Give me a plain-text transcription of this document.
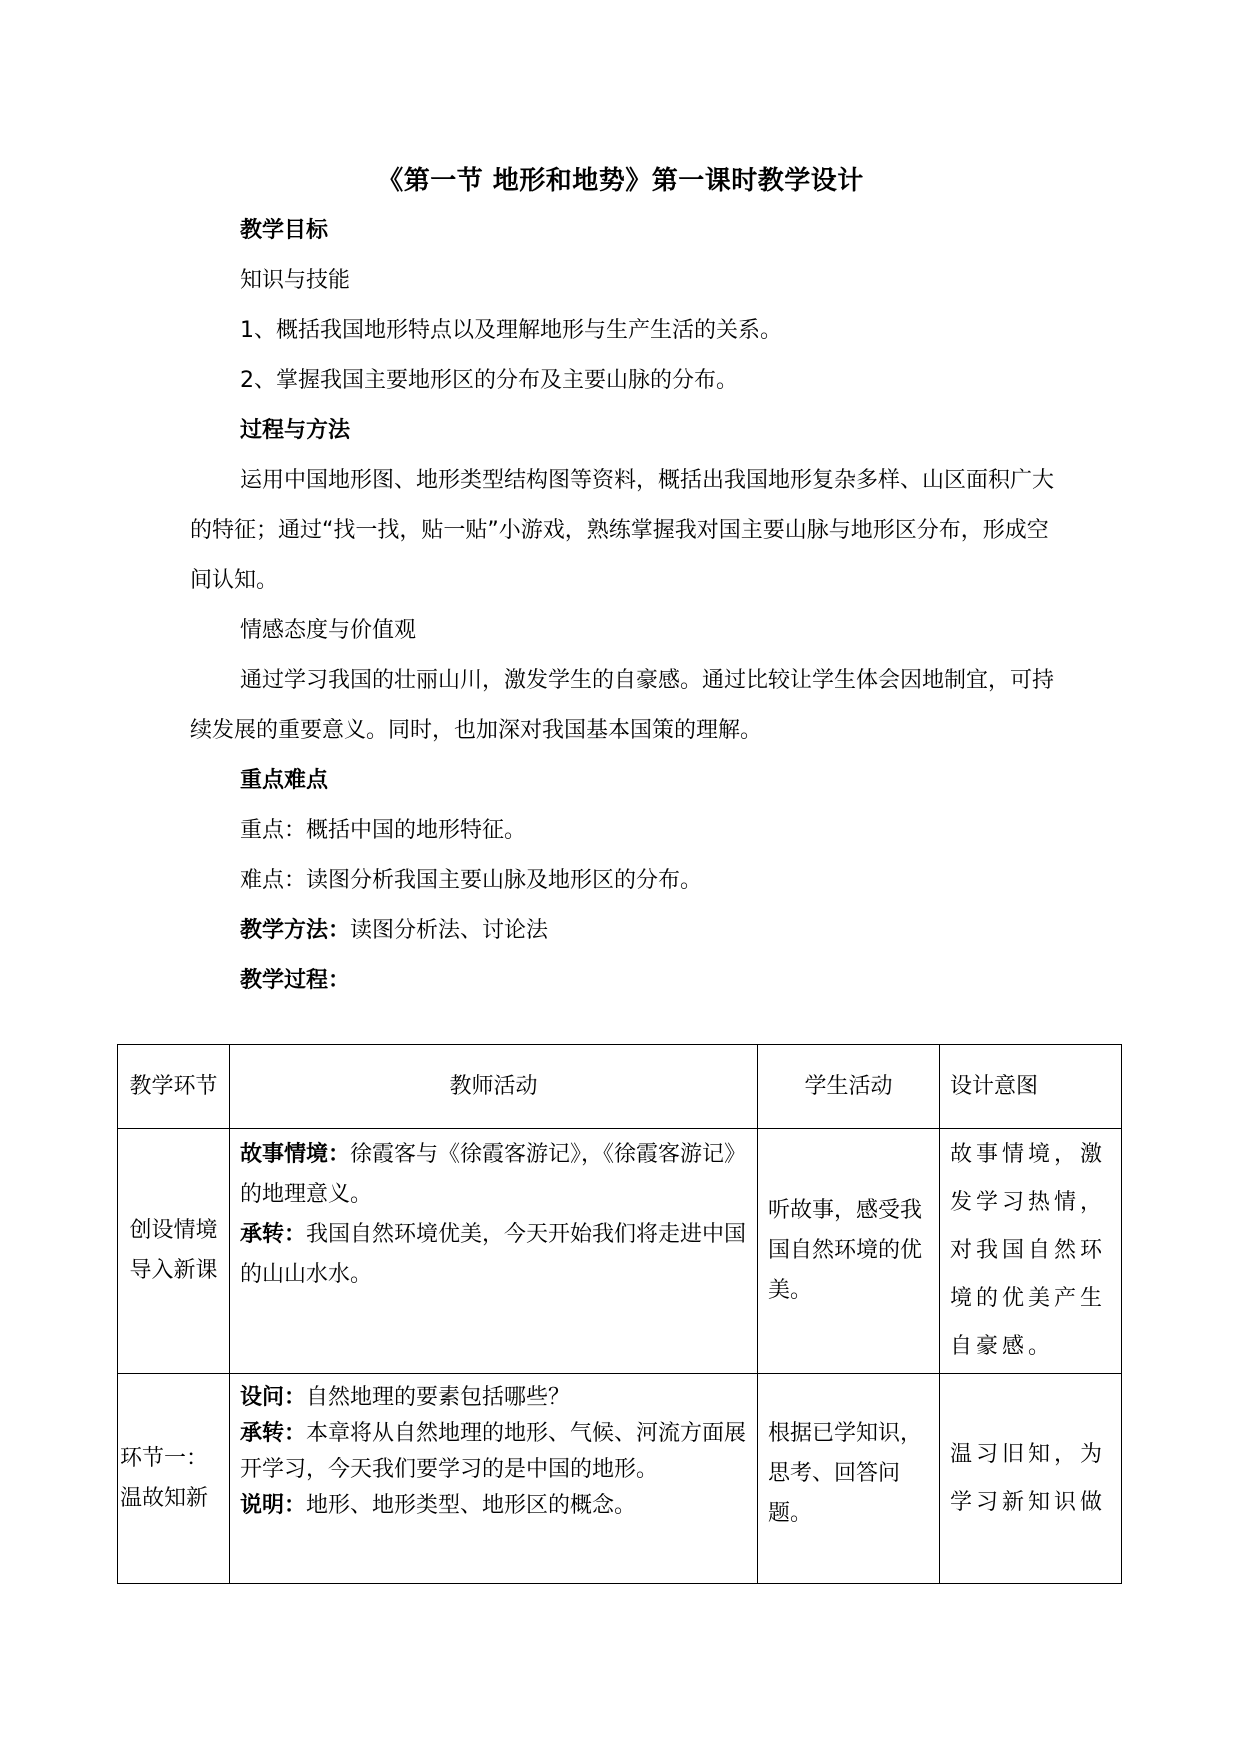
《第一节 地形和地势》第一课时教学设计
教学目标
知识与技能
1、概括我国地形特点以及理解地形与生产生活的关系。
2、掌握我国主要地形区的分布及主要山脉的分布。
过程与方法
运用中国地形图、地形类型结构图等资料，概括出我国地形复杂多样、山区面积广大的特征；通过“找一找，贴一贴”小游戏，熟练掌握我对国主要山脉与地形区分布，形成空间认知。
情感态度与价值观
通过学习我国的壮丽山川，激发学生的自豪感。通过比较让学生体会因地制宜，可持续发展的重要意义。同时，也加深对我国基本国策的理解。
重点难点
重点：概括中国的地形特征。
难点：读图分析我国主要山脉及地形区的分布。
教学方法：读图分析法、讨论法
教学过程：
教学环节	教师活动	学生活动	设计意图
创设情境导入新课	故事情境：徐霞客与《徐霞客游记》，《徐霞客游记》的地理意义。
承转：我国自然环境优美，今天开始我们将走进中国的山山水水。	听故事，感受我国自然环境的优美。	故事情境，激发学习热情，对我国自然环境的优美产生自豪感。
环节一：温故知新	设问：自然地理的要素包括哪些？
承转：本章将从自然地理的地形、气候、河流方面展开学习，今天我们要学习的是中国的地形。
说明：地形、地形类型、地形区的概念。	根据已学知识，思考、回答问题。	温习旧知，为学习新知识做
